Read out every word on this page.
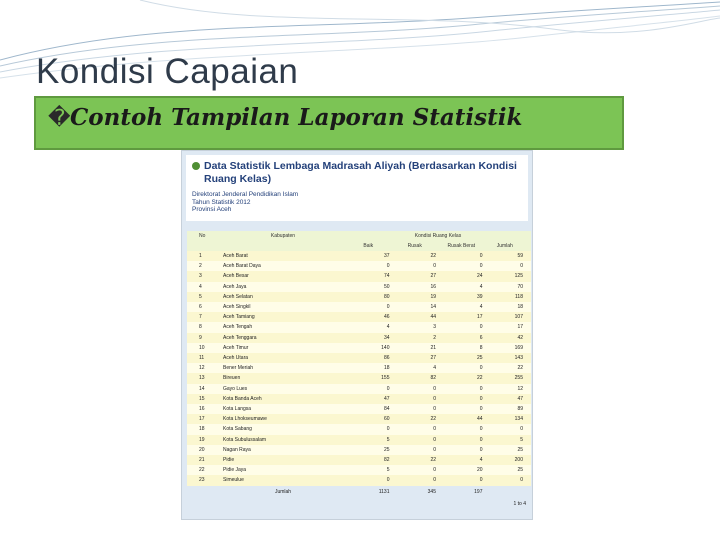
Kondisi Capaian
� Contoh Tampilan Laporan Statistik
Data Statistik Lembaga Madrasah Aliyah (Berdasarkan Kondisi Ruang Kelas)
Direktorat Jenderal Pendidikan Islam
Tahun Statistik 2012
Provinsi Aceh
No	Kabupaten	Kondisi Ruang Kelas			
		Baik	Rusak	Rusak Berat	Jumlah
1	Aceh Barat	37	22	0	59
2	Aceh Barat Daya	0	0	0	0
3	Aceh Besar	74	27	24	125
4	Aceh Jaya	50	16	4	70
5	Aceh Selatan	80	19	39	118
6	Aceh Singkil	0	14	4	18
7	Aceh Tamiang	46	44	17	107
8	Aceh Tengah	4	3	0	17
9	Aceh Tenggara	34	2	6	42
10	Aceh Timur	140	21	8	169
11	Aceh Utara	86	27	25	143
12	Bener Meriah	18	4	0	22
13	Bireuen	155	82	22	255
14	Gayo Lues	0	0	0	12
15	Kota Banda Aceh	47	0	0	47
16	Kota Langsa	84	0	0	89
17	Kota Lhokseumawe	60	22	44	134
18	Kota Sabang	0	0	0	0
19	Kota Subulussalam	5	0	0	5
20	Nagan Raya	25	0	0	25
21	Pidie	82	22	4	200
22	Pidie Jaya	5	0	20	25
23	Simeulue	0	0	0	0
	Jumlah	1131	345	197	
1 to 4
